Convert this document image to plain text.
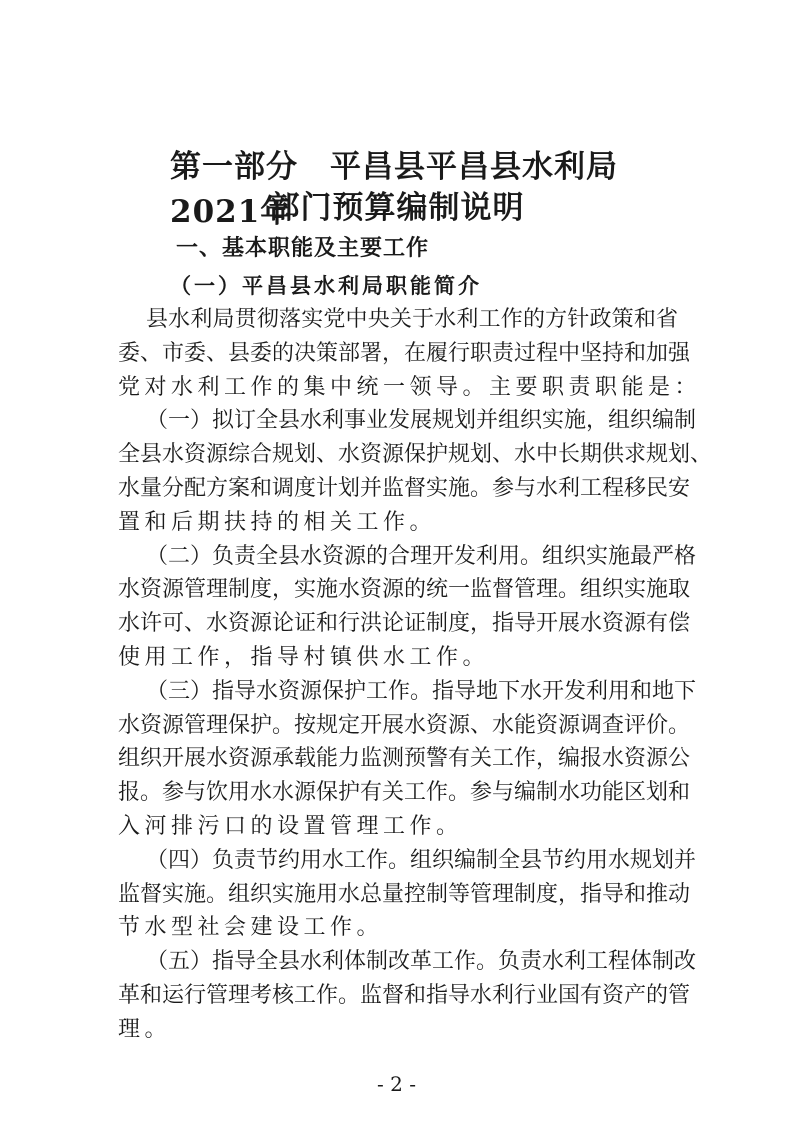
第一部分　平昌县平昌县水利局2021年
部门预算编制说明
一、基本职能及主要工作
（一）平昌县水利局职能简介
县水利局贯彻落实党中央关于水利工作的方针政策和省
委、市委、县委的决策部署，在履行职责过程中坚持和加强
党对水利工作的集中统一领导。主要职责职能是：
（一）拟订全县水利事业发展规划并组织实施，组织编制
全县水资源综合规划、水资源保护规划、水中长期供求规划、
水量分配方案和调度计划并监督实施。参与水利工程移民安
置和后期扶持的相关工作。
（二）负责全县水资源的合理开发利用。组织实施最严格
水资源管理制度，实施水资源的统一监督管理。组织实施取
水许可、水资源论证和行洪论证制度，指导开展水资源有偿
使用工作，指导村镇供水工作。
（三）指导水资源保护工作。指导地下水开发利用和地下
水资源管理保护。按规定开展水资源、水能资源调查评价。
组织开展水资源承载能力监测预警有关工作，编报水资源公
报。参与饮用水水源保护有关工作。参与编制水功能区划和
入河排污口的设置管理工作。
（四）负责节约用水工作。组织编制全县节约用水规划并
监督实施。组织实施用水总量控制等管理制度，指导和推动
节水型社会建设工作。
（五）指导全县水利体制改革工作。负责水利工程体制改
革和运行管理考核工作。监督和指导水利行业国有资产的管
理。
- 2 -
